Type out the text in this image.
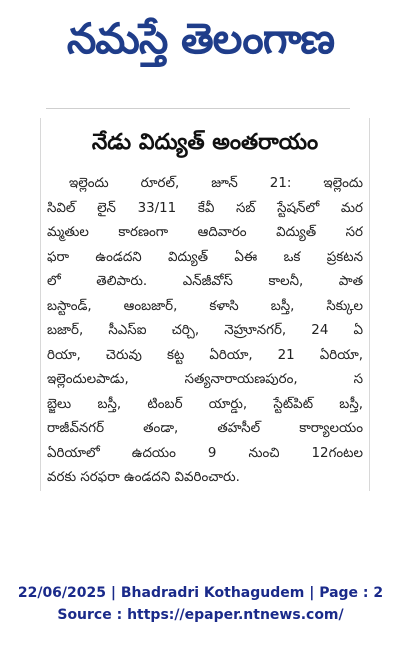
నమస్తే తెలంగాణ
నేడు విద్యుత్ అంతరాయం
ఇల్లెందు రూరల్, జూన్ 21: ఇల్లెందు
సివిల్ లైన్ 33/11 కేవీ సబ్ స్టేషన్‌లో మర
మ్మతుల కారణంగా ఆదివారం విద్యుత్ సర
ఫరా ఉండదని విద్యుత్ ఏఈ ఒక ప్రకటన
లో తెలిపారు. ఎన్‌జీవోస్ కాలనీ, పాత
బస్టాండ్, ఆంబజార్, కళాసి బస్తీ, సిక్కుల
బజార్, సీఎస్ఐ చర్చి, నెహ్రూనగర్, 24 ఏ
రియా, చెరువు కట్ట ఏరియా, 21 ఏరియా,
ఇల్లెందులపాడు, సత్యనారాయణపురం, స
బ్జెలు బస్తీ, టింబర్ యార్డు, స్టేట్‌పిట్ బస్తీ,
రాజీవ్‌నగర్ తండా, తహసీల్ కార్యాలయం
ఏరియాలో ఉదయం 9 నుంచి 12గంటల
వరకు సరఫరా ఉండదని వివరించారు.
22/06/2025 | Bhadradri Kothagudem | Page : 2
Source : https://epaper.ntnews.com/
